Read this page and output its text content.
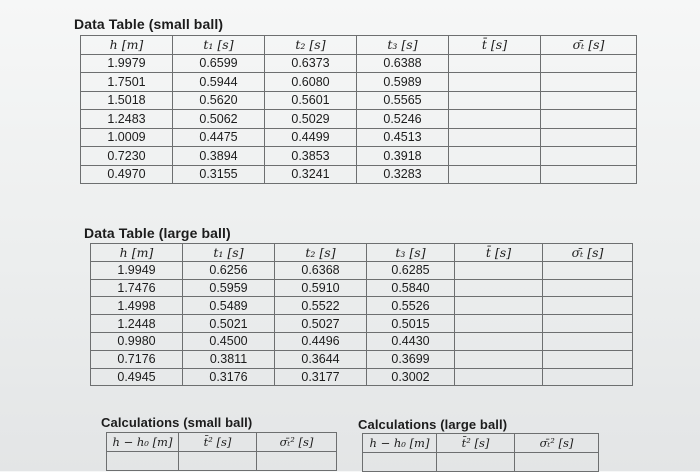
Data Table (small ball)
h [m]	t₁ [s]	t₂ [s]	t₃ [s]	t̄ [s]	σₜ̄ [s]
1.9979	0.6599	0.6373	0.6388		
1.7501	0.5944	0.6080	0.5989		
1.5018	0.5620	0.5601	0.5565		
1.2483	0.5062	0.5029	0.5246		
1.0009	0.4475	0.4499	0.4513		
0.7230	0.3894	0.3853	0.3918		
0.4970	0.3155	0.3241	0.3283		
Data Table (large ball)
h [m]	t₁ [s]	t₂ [s]	t₃ [s]	t̄ [s]	σₜ̄ [s]
1.9949	0.6256	0.6368	0.6285		
1.7476	0.5959	0.5910	0.5840		
1.4998	0.5489	0.5522	0.5526		
1.2448	0.5021	0.5027	0.5015		
0.9980	0.4500	0.4496	0.4430		
0.7176	0.3811	0.3644	0.3699		
0.4945	0.3176	0.3177	0.3002		
Calculations (small ball)
h − h₀ [m]	t̄² [s]	σₜ̄² [s]

Calculations (large ball)
h − h₀ [m]	t̄² [s]	σₜ̄² [s]
